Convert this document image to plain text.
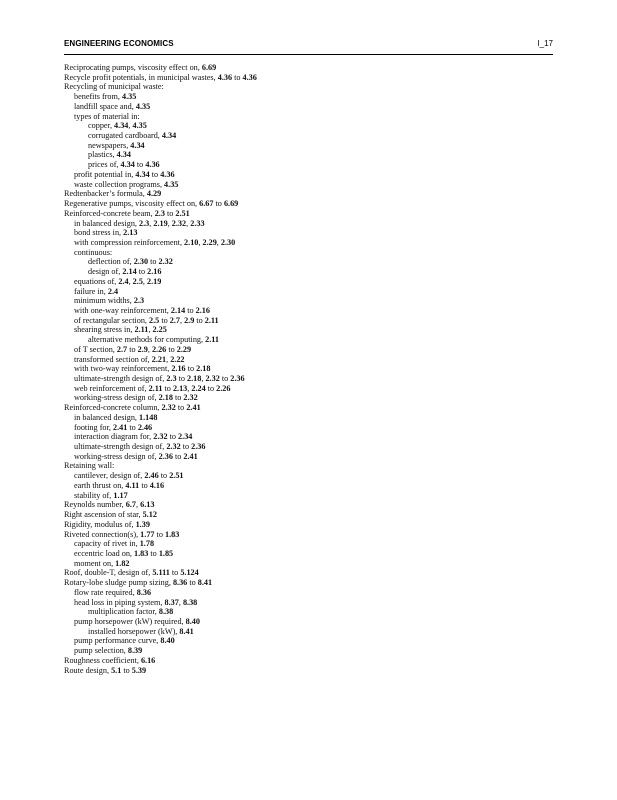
ENGINEERING ECONOMICS	I_17
Reciprocating pumps, viscosity effect on, 6.69
Recycle profit potentials, in municipal wastes, 4.36 to 4.36
Recycling of municipal waste:
benefits from, 4.35
landfill space and, 4.35
types of material in:
copper, 4.34, 4.35
corrugated cardboard, 4.34
newspapers, 4.34
plastics, 4.34
prices of, 4.34 to 4.36
profit potential in, 4.34 to 4.36
waste collection programs, 4.35
Redtenbacker’s formula, 4.29
Regenerative pumps, viscosity effect on, 6.67 to 6.69
Reinforced-concrete beam, 2.3 to 2.51
in balanced design, 2.3, 2.19, 2.32, 2.33
bond stress in, 2.13
with compression reinforcement, 2.10, 2.29, 2.30
continuous:
deflection of, 2.30 to 2.32
design of, 2.14 to 2.16
equations of, 2.4, 2.5, 2.19
failure in, 2.4
minimum widths, 2.3
with one-way reinforcement, 2.14 to 2.16
of rectangular section, 2.5 to 2.7, 2.9 to 2.11
shearing stress in, 2.11, 2.25
alternative methods for computing, 2.11
of T section, 2.7 to 2.9, 2.26 to 2.29
transformed section of, 2.21, 2.22
with two-way reinforcement, 2.16 to 2.18
ultimate-strength design of, 2.3 to 2.18, 2.32 to 2.36
web reinforcement of, 2.11 to 2.13, 2.24 to 2.26
working-stress design of, 2.18 to 2.32
Reinforced-concrete column, 2.32 to 2.41
in balanced design, 1.148
footing for, 2.41 to 2.46
interaction diagram for, 2.32 to 2.34
ultimate-strength design of, 2.32 to 2.36
working-stress design of, 2.36 to 2.41
Retaining wall:
cantilever, design of, 2.46 to 2.51
earth thrust on, 4.11 to 4.16
stability of, 1.17
Reynolds number, 6.7, 6.13
Right ascension of star, 5.12
Rigidity, modulus of, 1.39
Riveted connection(s), 1.77 to 1.83
capacity of rivet in, 1.78
eccentric load on, 1.83 to 1.85
moment on, 1.82
Roof, double-T, design of, 5.111 to 5.124
Rotary-lobe sludge pump sizing, 8.36 to 8.41
flow rate required, 8.36
head loss in piping system, 8.37, 8.38
multiplication factor, 8.38
pump horsepower (kW) required, 8.40
installed horsepower (kW), 8.41
pump performance curve, 8.40
pump selection, 8.39
Roughness coefficient, 6.16
Route design, 5.1 to 5.39
